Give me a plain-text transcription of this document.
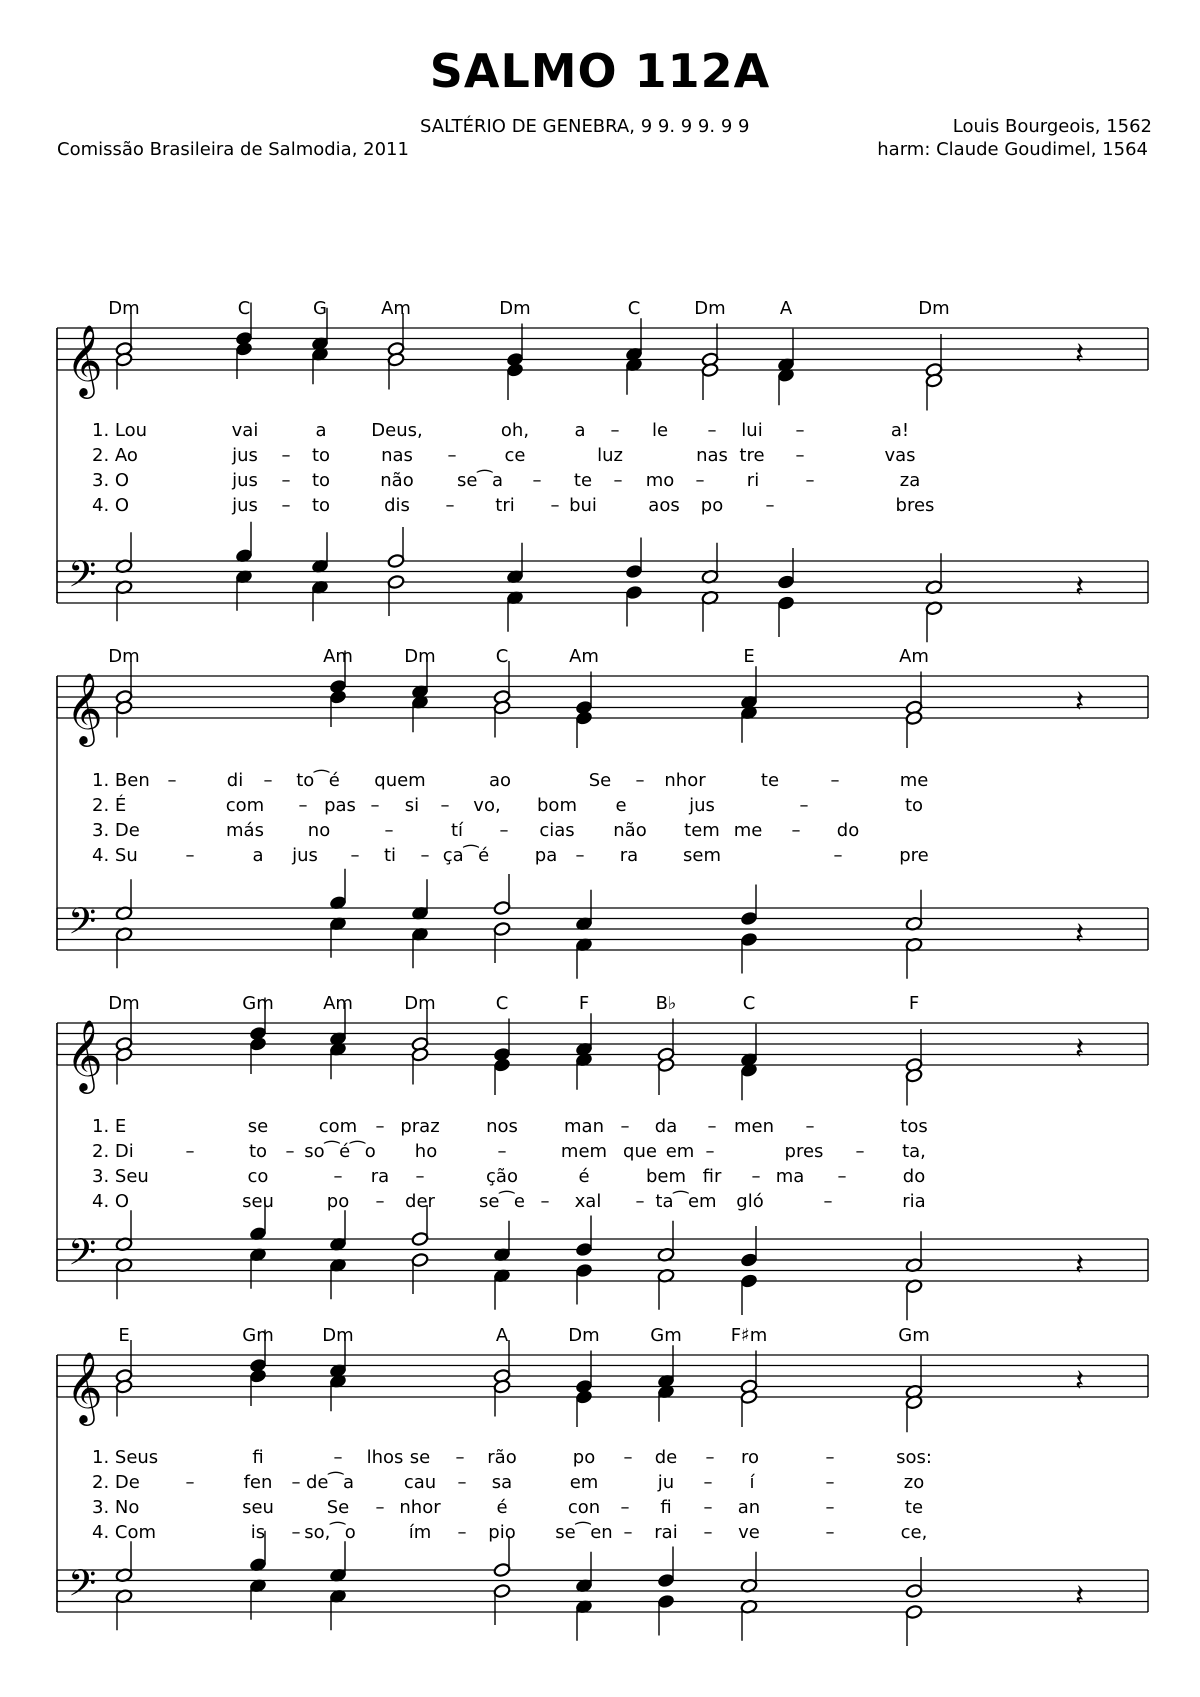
SALMO 112A
SALTÉRIO DE GENEBRA, 9 9. 9 9. 9 9
Comissão Brasileira de Salmodia, 2011
Louis Bourgeois, 1562
harm: Claude Goudimel, 1564
𝄞	𝄽
𝄢	𝄽
𝄞	𝄽
𝄢	𝄽
𝄞	𝄽
𝄢	𝄽
𝄞	𝄽
𝄢	𝄽
Dm	C	G	Am	Dm	C	Dm	A	Dm
1. Lou	vai	a Deus,	oh,	a – le – lui –	a!
2. Ao	jus – to	nas –	ce	luz	nas tre –	vas
3. O	jus – to	não se⁀a – te – mo – ri	–	za
4. O	jus – to	dis – tri – bui	aos po –	bres
Dm	Am	Dm	C	Am	E	Am
1. Ben –	di – to⁀é quem	ao	Se – nhor	te	–	me
2. É	com – pas – si – vo, bom e	jus	–	to
3. De	más no	–	tí – cias não tem me – do
4. Su	–	a jus – ti – ça⁀é	pa – ra sem	–	pre
Dm	Gm	Am	Dm	C	F	B♭	C	F
1. E	se	com – praz	nos	man – da – men –	tos
2. Di	–	to – so⁀é⁀o ho	–	mem que em –	pres – ta,
3. Seu	co	– ra –	ção	é	bem fir – ma –	do
4. O	seu	po – der se⁀e – xal – ta⁀em gló	–	ria
E	Gm	Dm	A	Dm	Gm	F♯m	Gm
1. Seus	fi	– lhos se – rão	po – de – ro	–	sos:
2. De	–	fen – de⁀a	cau – sa	em	ju – í	–	zo
3. No	seu	Se – nhor	é	con – fi – an	–	te
4. Com	is – so,⁀o	ím – pio se⁀en – rai – ve	–	ce,
